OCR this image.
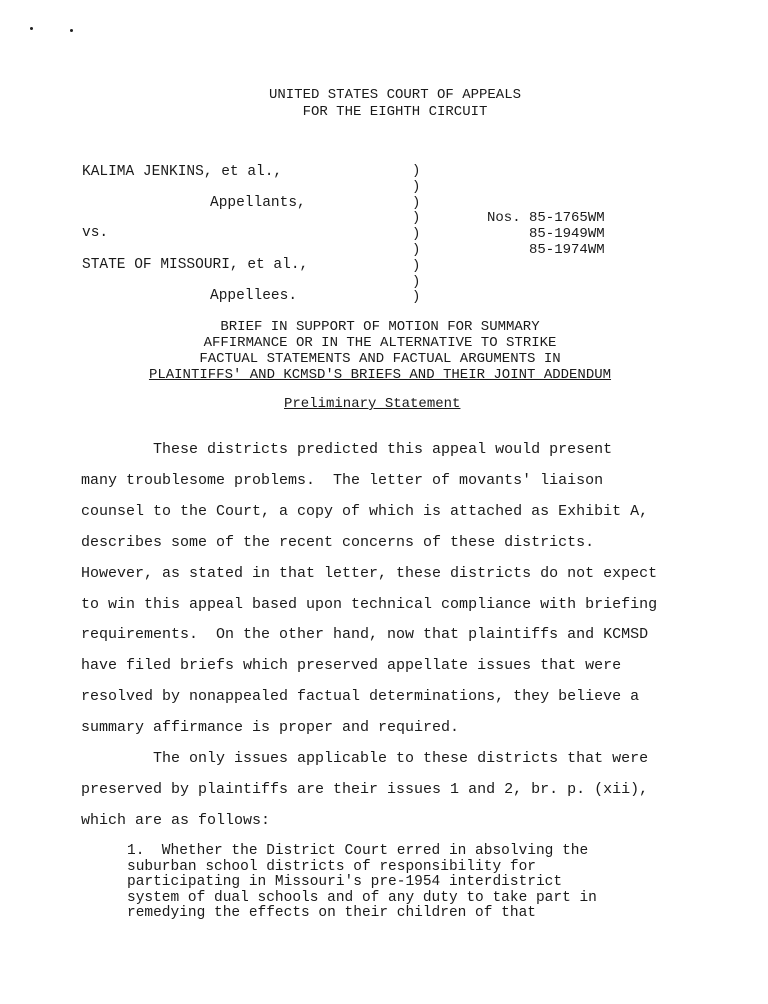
UNITED STATES COURT OF APPEALS
FOR THE EIGHTH CIRCUIT
KALIMA JENKINS, et al.,
Appellants,
vs.
STATE OF MISSOURI, et al.,
Appellees.
)
)
)
)
)
)
)
)
)
Nos. 85-1765WM
85-1949WM
85-1974WM
BRIEF IN SUPPORT OF MOTION FOR SUMMARY
AFFIRMANCE OR IN THE ALTERNATIVE TO STRIKE
FACTUAL STATEMENTS AND FACTUAL ARGUMENTS IN
PLAINTIFFS' AND KCMSD'S BRIEFS AND THEIR JOINT ADDENDUM
Preliminary Statement
These districts predicted this appeal would present
many troublesome problems.  The letter of movants' liaison
counsel to the Court, a copy of which is attached as Exhibit A,
describes some of the recent concerns of these districts.
However, as stated in that letter, these districts do not expect
to win this appeal based upon technical compliance with briefing
requirements.  On the other hand, now that plaintiffs and KCMSD
have filed briefs which preserved appellate issues that were
resolved by nonappealed factual determinations, they believe a
summary affirmance is proper and required.
The only issues applicable to these districts that were
preserved by plaintiffs are their issues 1 and 2, br. p. (xii),
which are as follows:
1.  Whether the District Court erred in absolving the
suburban school districts of responsibility for
participating in Missouri's pre-1954 interdistrict
system of dual schools and of any duty to take part in
remedying the effects on their children of that
